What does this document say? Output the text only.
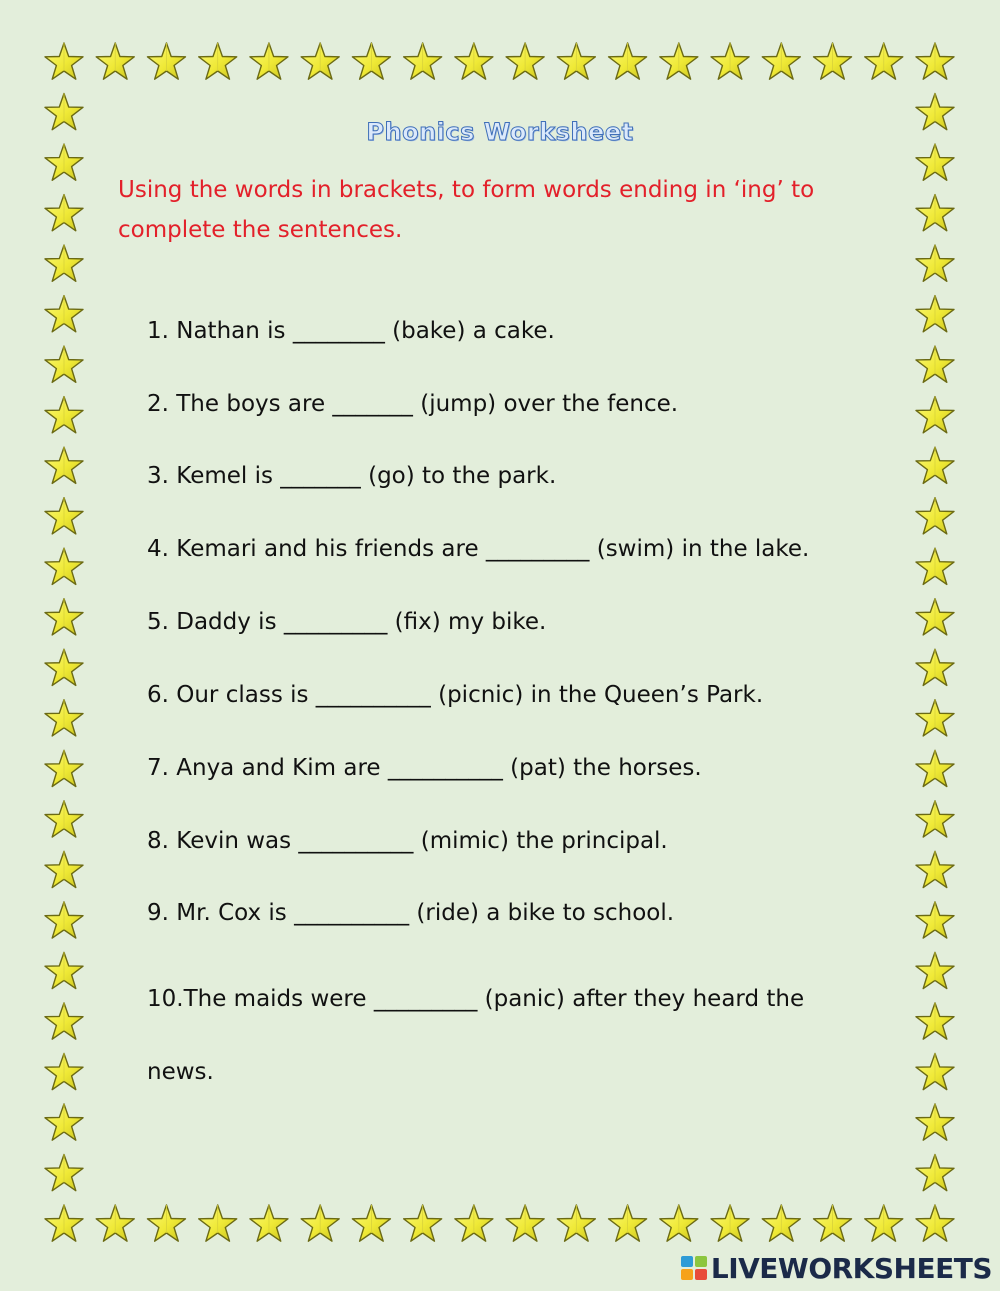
Phonics Worksheet
Using the words in brackets, to form words ending in ‘ing’ to complete the sentences.
1. Nathan is ________ (bake) a cake.
2. The boys are _______ (jump) over the fence.
3. Kemel is _______ (go) to the park.
4. Kemari and his friends are _________ (swim) in the lake.
5. Daddy is _________ (fix) my bike.
6. Our class is __________ (picnic) in the Queen’s Park.
7. Anya and Kim are __________ (pat) the horses.
8. Kevin was __________ (mimic) the principal.
9. Mr. Cox is __________ (ride) a bike to school.
10.The maids were _________ (panic) after they heard the
news.
LIVEWORKSHEETS
